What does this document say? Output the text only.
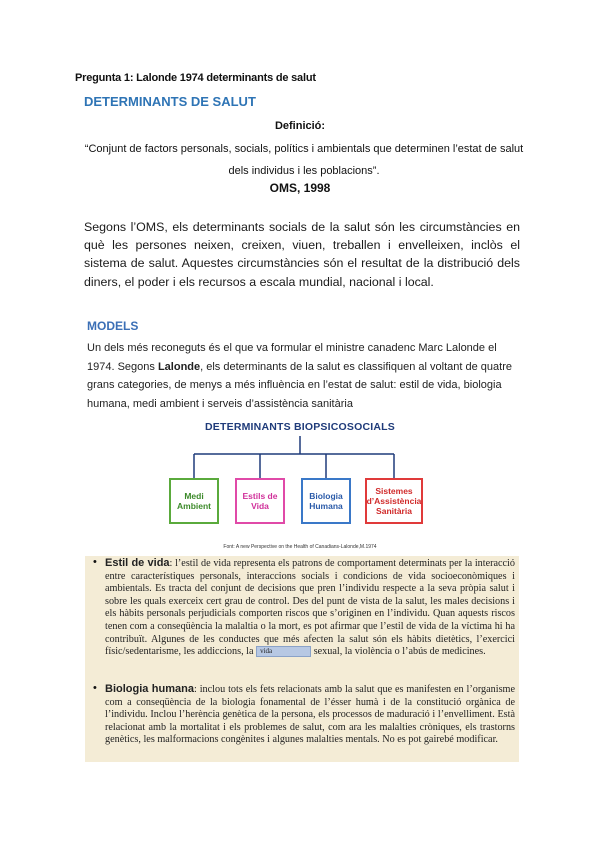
Pregunta 1: Lalonde 1974 determinants de salut
DETERMINANTS DE SALUT
Definició:
“Conjunt de factors personals, socials, polítics i ambientals que determinen l’estat de salut dels individus i les poblacions”.
OMS, 1998
Segons l’OMS, els determinants socials de la salut són les circumstàncies en què les persones neixen, creixen, viuen, treballen i envelleixen, inclòs el sistema de salut. Aquestes circumstàncies són el resultat de la distribució dels diners, el poder i els recursos a escala mundial, nacional i local.
MODELS
Un dels més reconeguts és el que va formular el ministre canadenc Marc Lalonde el 1974. Segons Lalonde, els determinants de la salut es classifiquen al voltant de quatre grans categories, de menys a més influència en l’estat de salut: estil de vida, biologia humana, medi ambient i serveis d’assistència sanitària
DETERMINANTS BIOPSICOSOCIALS
Medi Ambient
Estils de Vida
Biologia Humana
Sistemes d’Assistència Sanitària
Font: A new Perspective on the Health of Canadians-Lalonde,M.1974
• Estil de vida: l’estil de vida representa els patrons de comportament determinats per la interacció entre característiques personals, interaccions socials i condicions de vida socioeconòmiques i ambientals. Es tracta del conjunt de decisions que pren l’individu respecte a la seva pròpia salut i sobre les quals exerceix cert grau de control. Des del punt de vista de la salut, les males decisions i els hàbits personals perjudicials comporten riscos que s’originen en l’individu. Quan aquests riscos tenen com a conseqüència la malaltia o la mort, es pot afirmar que l’estil de vida de la víctima hi ha contribuït. Algunes de les conductes que més afecten la salut són els hàbits dietètics, l’exercici físic/sedentarisme, les addiccions, la vida	sexual, la violència o l’abús de medicines.
• Biologia humana: inclou tots els fets relacionats amb la salut que es manifesten en l’organisme com a conseqüència de la biologia fonamental de l’ésser humà i de la constitució orgànica de l’individu. Inclou l’herència genètica de la persona, els processos de maduració i l’envelliment. Està relacionat amb la mortalitat i els problemes de salut, com ara les malalties cròniques, els trastorns genètics, les malformacions congènites i algunes malalties mentals. No es pot gairebé modificar.
